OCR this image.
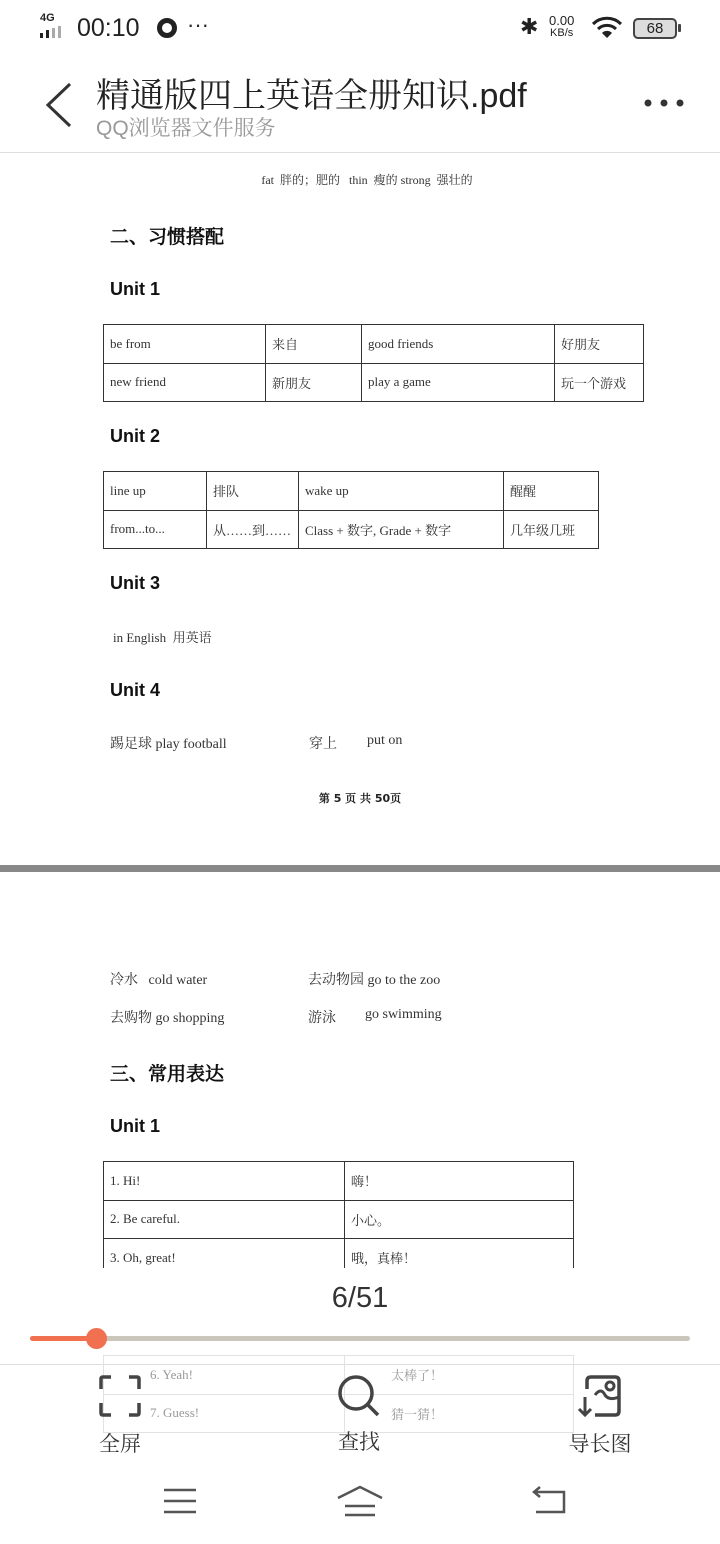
4G 00:10 ···	✱ 0.00
KB/s	68
精通版四上英语全册知识.pdf
QQ浏览器文件服务
fat  胖的；肥的   thin  瘦的 strong  强壮的
二、习惯搭配
Unit 1
be from	来自	good friends	好朋友
new friend	新朋友	play a game	玩一个游戏
Unit 2
line up	排队	wake up	醒醒
from...to...	从……到……	Class + 数字, Grade + 数字	几年级几班
Unit 3
in English  用英语
Unit 4
踢足球 play football	穿上 put on
第 5 页 共 50页
冷水   cold water	去动物园 go to the zoo
去购物 go shopping	游泳 go swimming
三、常用表达
Unit 1
1. Hi!	嗨！
2. Be careful.	小心。
3. Oh, great!	哦，真棒！
6/51
6. Yeah!	太棒了！
7. Guess!	猜一猜！
全屏	查找	导长图
